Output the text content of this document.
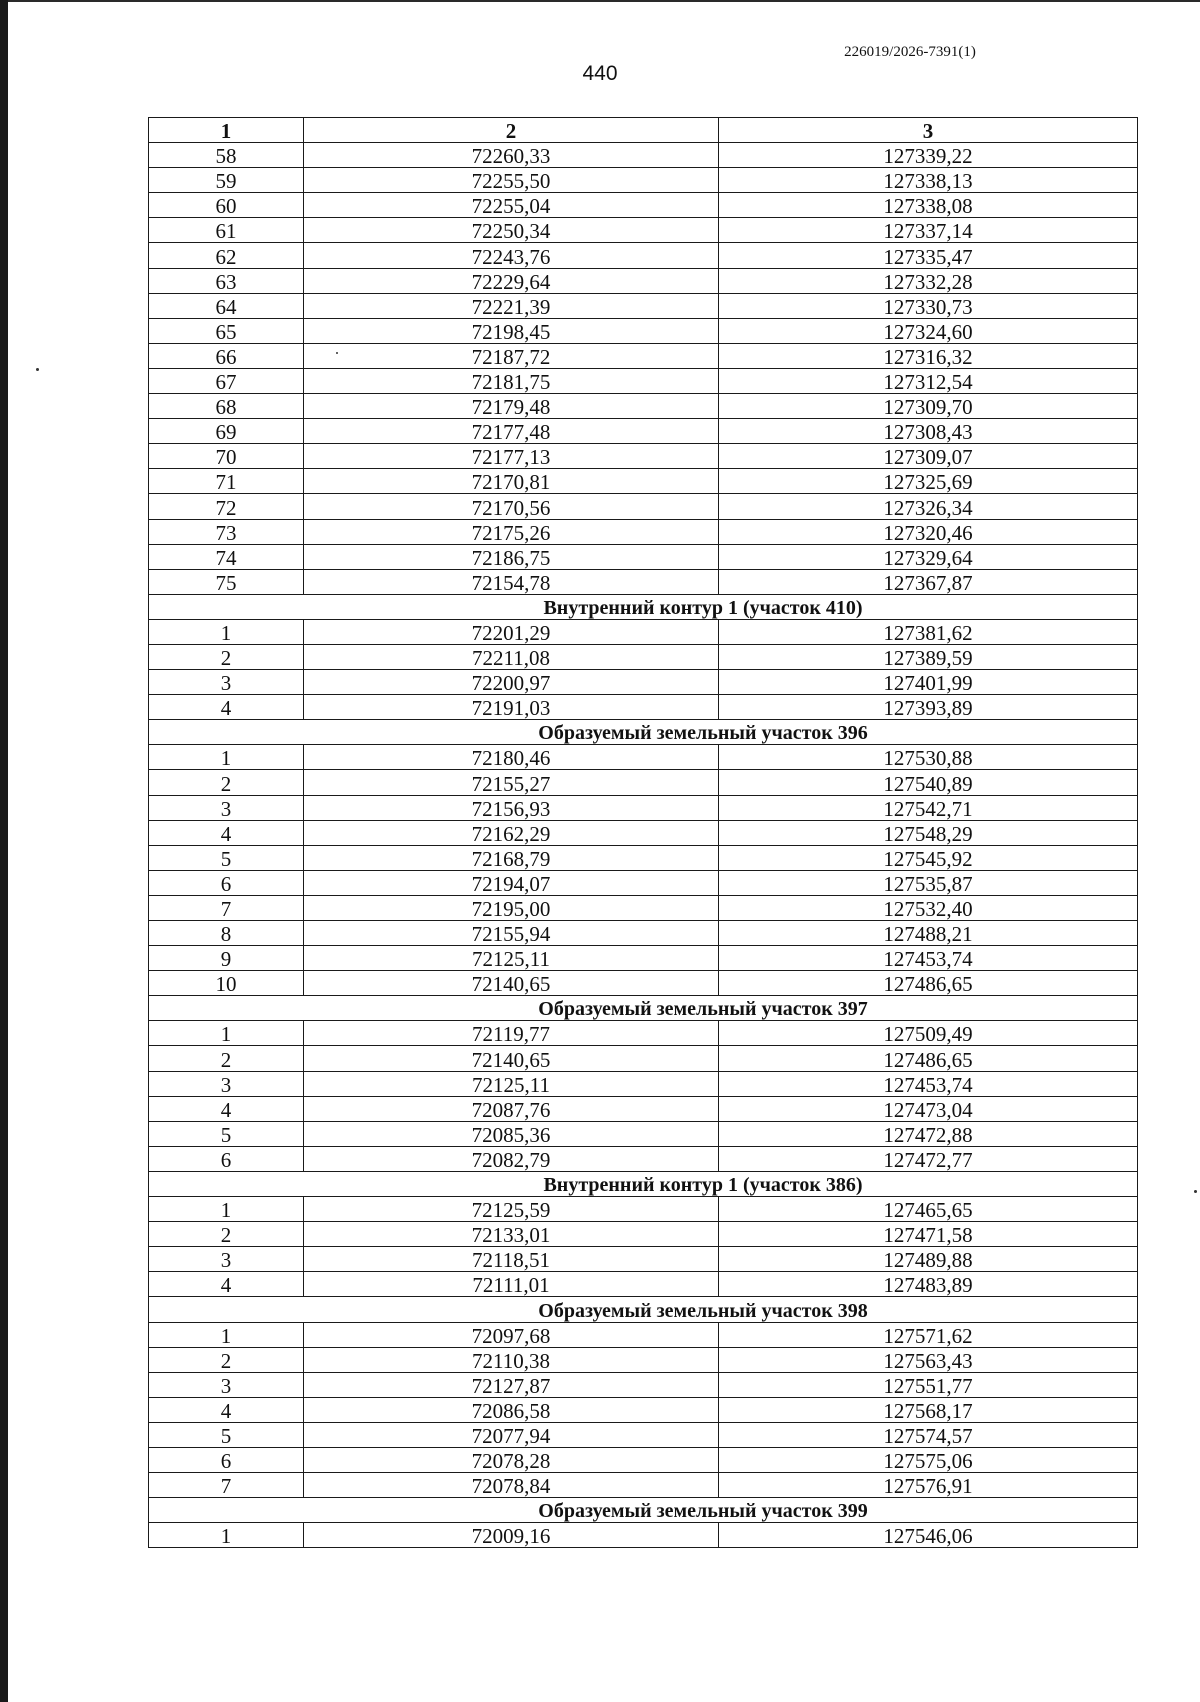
226019/2026-7391(1)
440
1	2	3
58	72260,33	127339,22
59	72255,50	127338,13
60	72255,04	127338,08
61	72250,34	127337,14
62	72243,76	127335,47
63	72229,64	127332,28
64	72221,39	127330,73
65	72198,45	127324,60
66	72187,72	127316,32
67	72181,75	127312,54
68	72179,48	127309,70
69	72177,48	127308,43
70	72177,13	127309,07
71	72170,81	127325,69
72	72170,56	127326,34
73	72175,26	127320,46
74	72186,75	127329,64
75	72154,78	127367,87
Внутренний контур 1 (участок 410)		
1	72201,29	127381,62
2	72211,08	127389,59
3	72200,97	127401,99
4	72191,03	127393,89
Образуемый земельный участок 396		
1	72180,46	127530,88
2	72155,27	127540,89
3	72156,93	127542,71
4	72162,29	127548,29
5	72168,79	127545,92
6	72194,07	127535,87
7	72195,00	127532,40
8	72155,94	127488,21
9	72125,11	127453,74
10	72140,65	127486,65
Образуемый земельный участок 397		
1	72119,77	127509,49
2	72140,65	127486,65
3	72125,11	127453,74
4	72087,76	127473,04
5	72085,36	127472,88
6	72082,79	127472,77
Внутренний контур 1 (участок 386)		
1	72125,59	127465,65
2	72133,01	127471,58
3	72118,51	127489,88
4	72111,01	127483,89
Образуемый земельный участок 398		
1	72097,68	127571,62
2	72110,38	127563,43
3	72127,87	127551,77
4	72086,58	127568,17
5	72077,94	127574,57
6	72078,28	127575,06
7	72078,84	127576,91
Образуемый земельный участок 399		
1	72009,16	127546,06
